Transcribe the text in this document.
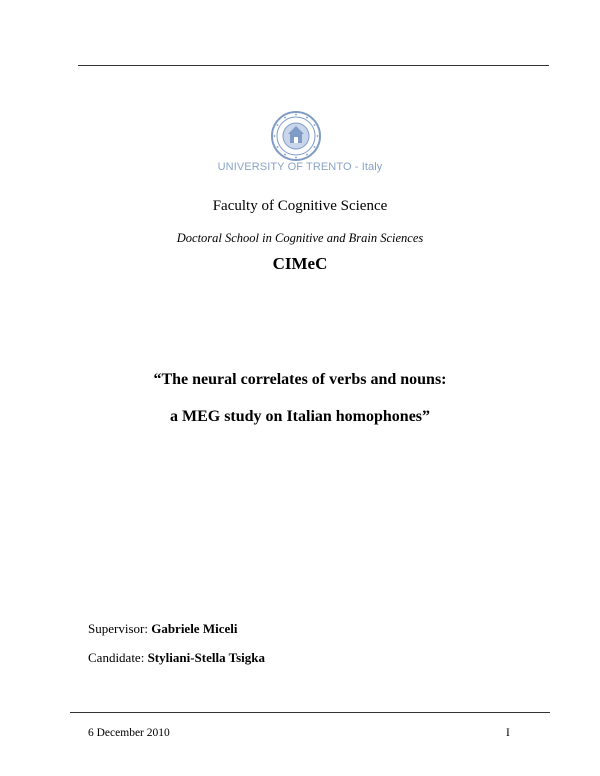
UNIVERSITY OF TRENTO - Italy
Faculty of Cognitive Science
Doctoral School in Cognitive and Brain Sciences
CIMeC
“The neural correlates of verbs and nouns:
a MEG study on Italian homophones”
Supervisor: Gabriele Miceli
Candidate: Styliani-Stella Tsigka
6 December 2010	I
